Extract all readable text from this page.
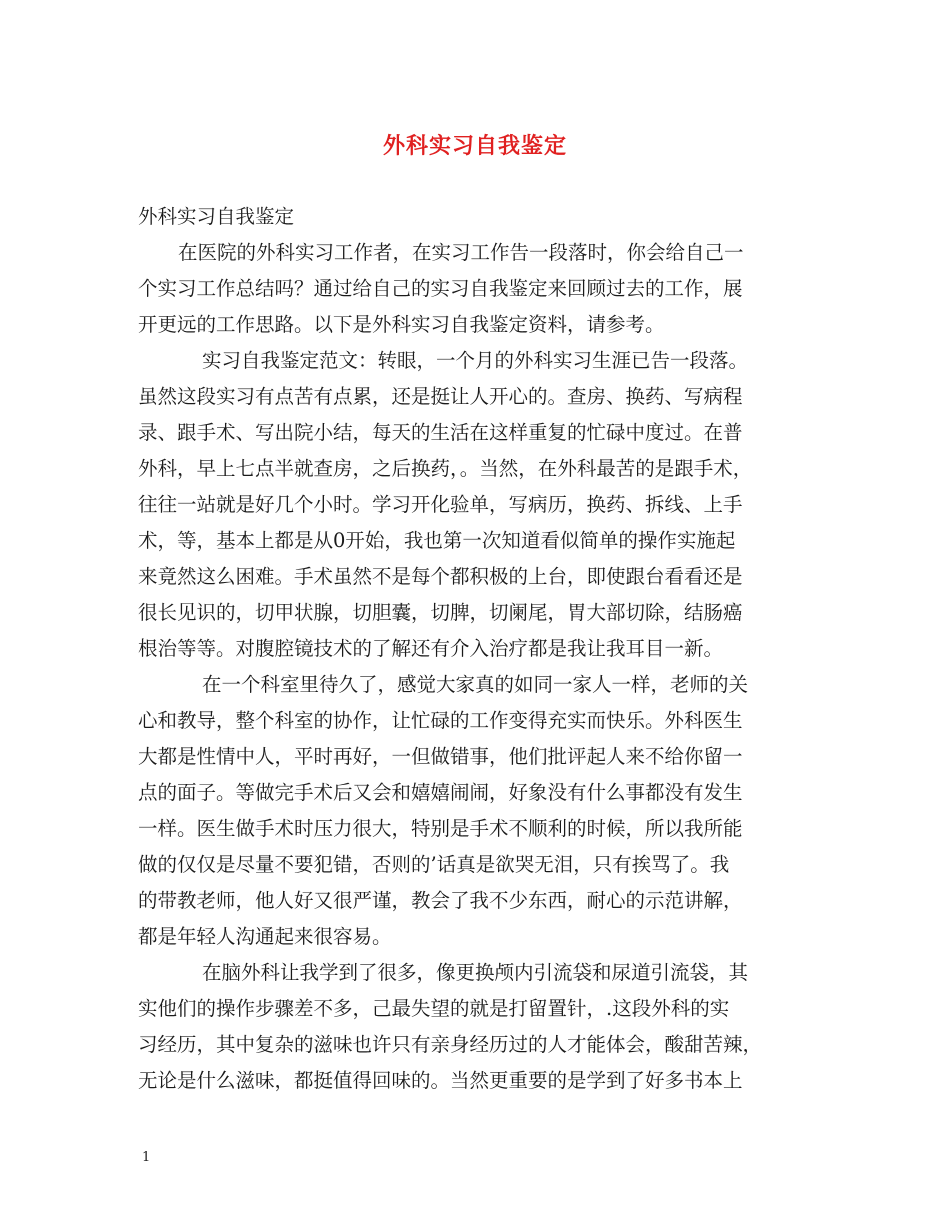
外科实习自我鉴定
外科实习自我鉴定
在医院的外科实习工作者，在实习工作告一段落时，你会给自己一
个实习工作总结吗？通过给自己的实习自我鉴定来回顾过去的工作，展
开更远的工作思路。以下是外科实习自我鉴定资料，请参考。
实习自我鉴定范文：转眼，一个月的外科实习生涯已告一段落。
虽然这段实习有点苦有点累，还是挺让人开心的。查房、换药、写病程
录、跟手术、写出院小结，每天的生活在这样重复的忙碌中度过。在普
外科，早上七点半就查房，之后换药，。当然，在外科最苦的是跟手术，
往往一站就是好几个小时。学习开化验单，写病历，换药、拆线、上手
术，等，基本上都是从0开始，我也第一次知道看似简单的操作实施起
来竟然这么困难。手术虽然不是每个都积极的上台，即使跟台看看还是
很长见识的，切甲状腺，切胆囊，切脾，切阑尾，胃大部切除，结肠癌
根治等等。对腹腔镜技术的了解还有介入治疗都是我让我耳目一新。
在一个科室里待久了，感觉大家真的如同一家人一样，老师的关
心和教导，整个科室的协作，让忙碌的工作变得充实而快乐。外科医生
大都是性情中人，平时再好，一但做错事，他们批评起人来不给你留一
点的面子。等做完手术后又会和嬉嬉闹闹，好象没有什么事都没有发生
一样。医生做手术时压力很大，特别是手术不顺利的时候，所以我所能
做的仅仅是尽量不要犯错，否则的’话真是欲哭无泪，只有挨骂了。我
的带教老师，他人好又很严谨，教会了我不少东西，耐心的示范讲解，
都是年轻人沟通起来很容易。
在脑外科让我学到了很多，像更换颅内引流袋和尿道引流袋，其
实他们的操作步骤差不多，己最失望的就是打留置针，.这段外科的实
习经历，其中复杂的滋味也许只有亲身经历过的人才能体会，酸甜苦辣，
无论是什么滋味，都挺值得回味的。当然更重要的是学到了好多书本上
1
